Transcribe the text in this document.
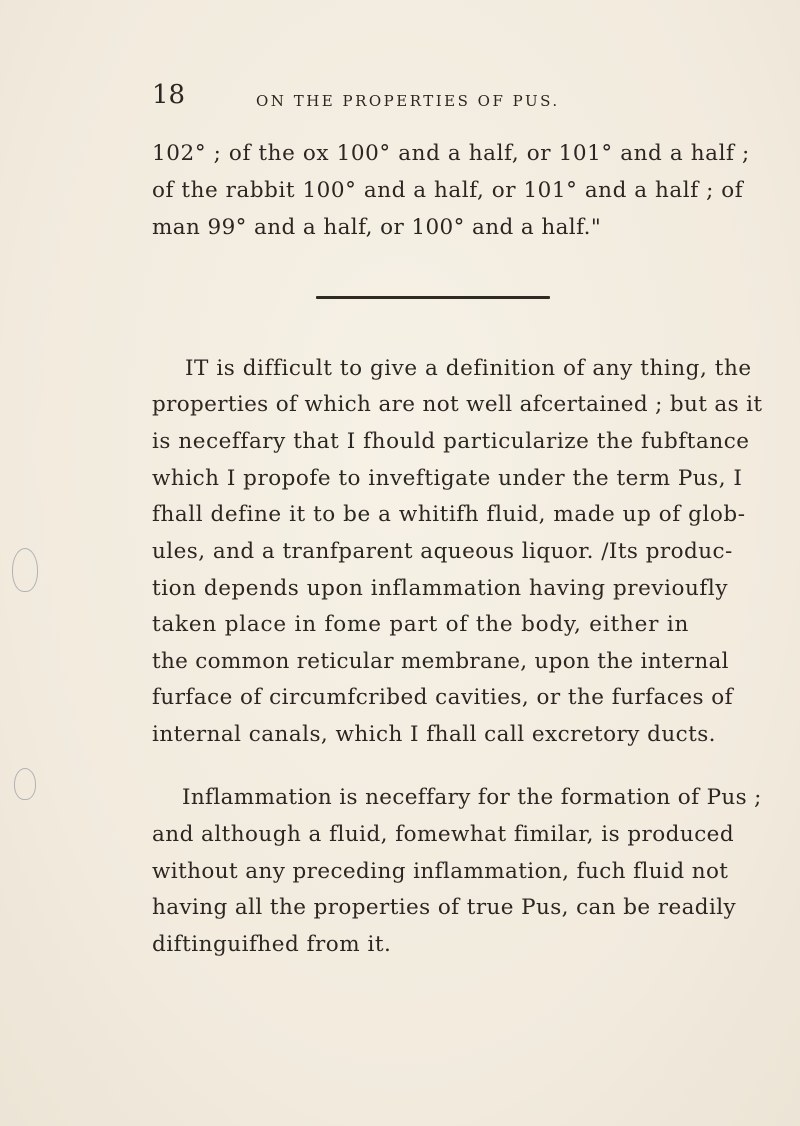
18	ON THE PROPERTIES OF PUS.
102° ; of the ox 100° and a half, or 101° and a half ;
of the rabbit 100° and a half, or 101° and a half ; of
man 99° and a half, or 100° and a half."
IT is difficult to give a definition of any thing, the
properties of which are not well afcertained ; but as it
is neceffary that I fhould particularize the fubftance
which I propofe to inveftigate under the term Pus, I
fhall define it to be a whitifh fluid, made up of glob-
ules, and a tranfparent aqueous liquor. /Its produc-
tion depends upon inflammation having previoufly
taken place in fome part of the body, either in
the common reticular membrane, upon the internal
furface of circumfcribed cavities, or the furfaces of
internal canals, which I fhall call excretory ducts.
Inflammation is neceffary for the formation of Pus ;
and although a fluid, fomewhat fimilar, is produced
without any preceding inflammation, fuch fluid not
having all the properties of true Pus, can be readily
diftinguifhed from it.
